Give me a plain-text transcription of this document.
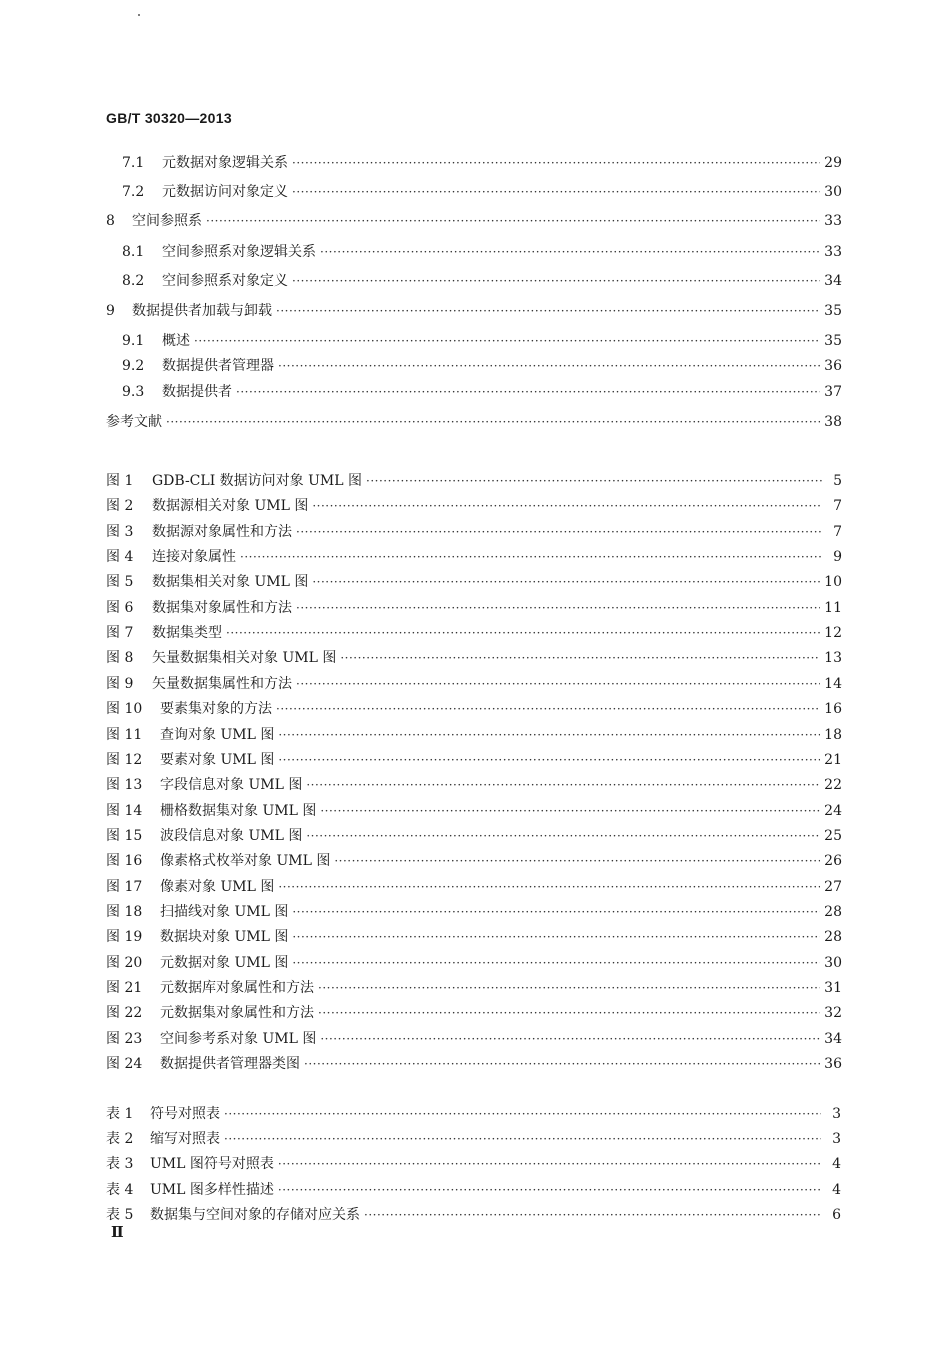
GB/T 30320—2013
7.1	元数据对象逻辑关系 ·····	29
7.2	元数据访问对象定义 ·····	30
8	空间参照系 ·····	33
8.1	空间参照系对象逻辑关系 ·····	33
8.2	空间参照系对象定义 ·····	34
9	数据提供者加载与卸载 ·····	35
9.1	概述 ·····	35
9.2	数据提供者管理器 ·····	36
9.3	数据提供者 ·····	37
参考文献 ·····	38
图 1	GDB-CLI 数据访问对象 UML 图 ·····	5
图 2	数据源相关对象 UML 图 ·····	7
图 3	数据源对象属性和方法 ·····	7
图 4	连接对象属性 ·····	9
图 5	数据集相关对象 UML 图 ·····	10
图 6	数据集对象属性和方法 ·····	11
图 7	数据集类型 ·····	12
图 8	矢量数据集相关对象 UML 图 ·····	13
图 9	矢量数据集属性和方法 ·····	14
图 10	要素集对象的方法 ·····	16
图 11	查询对象 UML 图 ·····	18
图 12	要素对象 UML 图 ·····	21
图 13	字段信息对象 UML 图 ·····	22
图 14	栅格数据集对象 UML 图 ·····	24
图 15	波段信息对象 UML 图 ·····	25
图 16	像素格式枚举对象 UML 图 ·····	26
图 17	像素对象 UML 图 ·····	27
图 18	扫描线对象 UML 图 ·····	28
图 19	数据块对象 UML 图 ·····	28
图 20	元数据对象 UML 图 ·····	30
图 21	元数据库对象属性和方法 ·····	31
图 22	元数据集对象属性和方法 ·····	32
图 23	空间参考系对象 UML 图 ·····	34
图 24	数据提供者管理器类图 ·····	36
表 1	符号对照表 ·····	3
表 2	缩写对照表 ·····	3
表 3	UML 图符号对照表 ·····	4
表 4	UML 图多样性描述 ·····	4
表 5	数据集与空间对象的存储对应关系 ·····	6
Ⅱ
